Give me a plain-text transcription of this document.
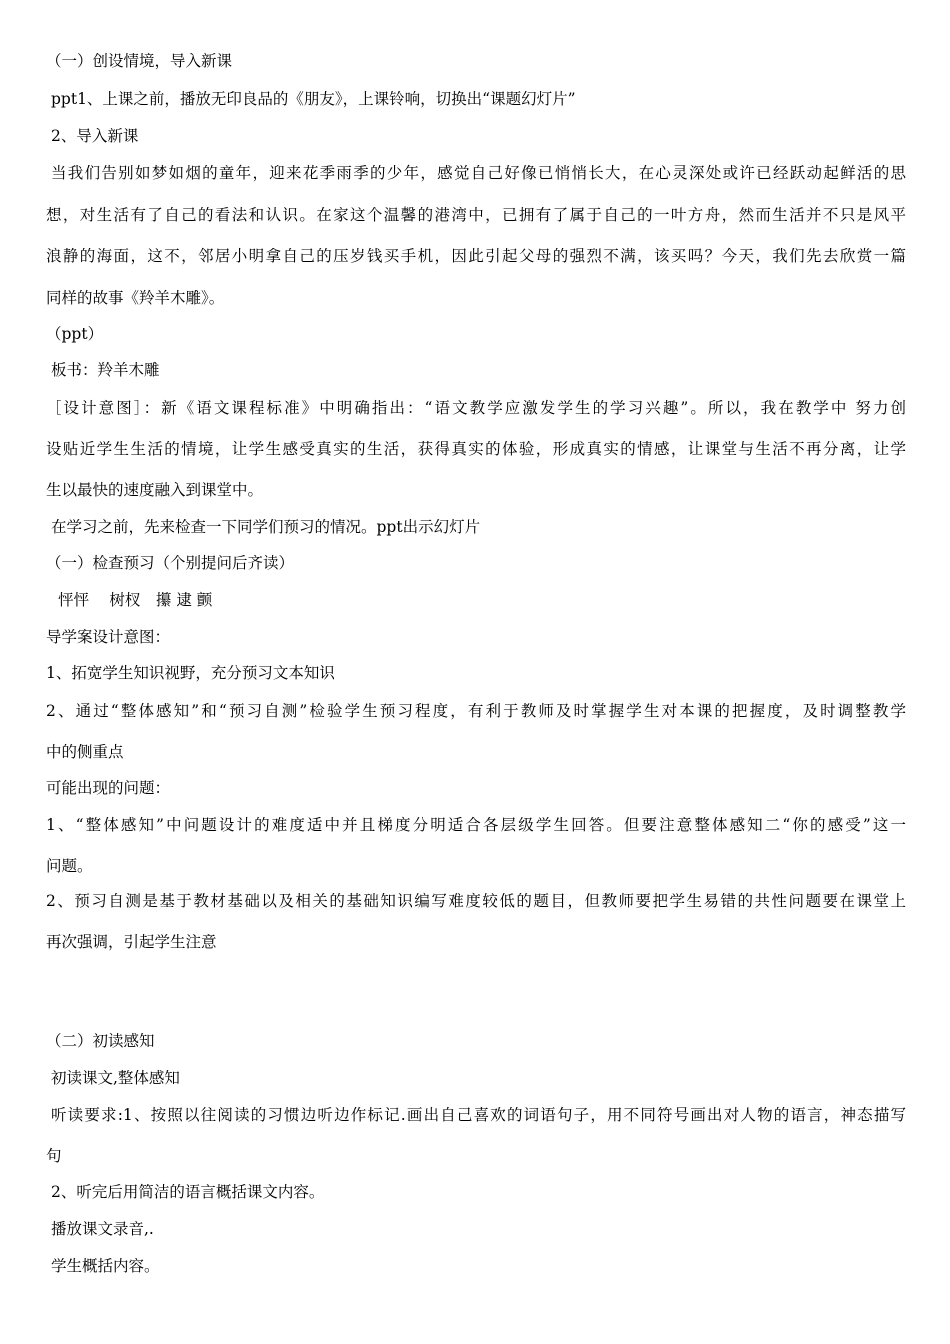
（一）创设情境，导入新课
ppt1、上课之前，播放无印良品的《朋友》，上课铃响，切换出“课题幻灯片”
2、导入新课
当我们告别如梦如烟的童年，迎来花季雨季的少年，感觉自己好像已悄悄长大，在心灵深处或许已经跃动起鲜活的思
想，对生活有了自己的看法和认识。在家这个温馨的港湾中，已拥有了属于自己的一叶方舟，然而生活并不只是风平
浪静的海面，这不，邻居小明拿自己的压岁钱买手机，因此引起父母的强烈不满，该买吗？今天，我们先去欣赏一篇
同样的故事《羚羊木雕》。
（ppt）
板书：羚羊木雕
［设计意图］：新《语文课程标准》中明确指出：“语文教学应激发学生的学习兴趣”。所以，我在教学中 努力创
设贴近学生生活的情境，让学生感受真实的生活，获得真实的体验，形成真实的情感，让课堂与生活不再分离，让学
生以最快的速度融入到课堂中。
在学习之前，先来检查一下同学们预习的情况。ppt出示幻灯片
（一）检查预习（个别提问后齐读）
怦怦　 树杈　攥 逮 颤
导学案设计意图：
1、拓宽学生知识视野，充分预习文本知识
2、通过“整体感知”和“预习自测”检验学生预习程度，有利于教师及时掌握学生对本课的把握度，及时调整教学
中的侧重点
可能出现的问题：
1、“整体感知”中问题设计的难度适中并且梯度分明适合各层级学生回答。但要注意整体感知二“你的感受”这一
问题。
2、预习自测是基于教材基础以及相关的基础知识编写难度较低的题目，但教师要把学生易错的共性问题要在课堂上
再次强调，引起学生注意
（二）初读感知
初读课文,整体感知
听读要求:1、按照以往阅读的习惯边听边作标记.画出自己喜欢的词语句子，用不同符号画出对人物的语言，神态描写
句
2、听完后用简洁的语言概括课文内容。
播放课文录音,.
学生概括内容。
